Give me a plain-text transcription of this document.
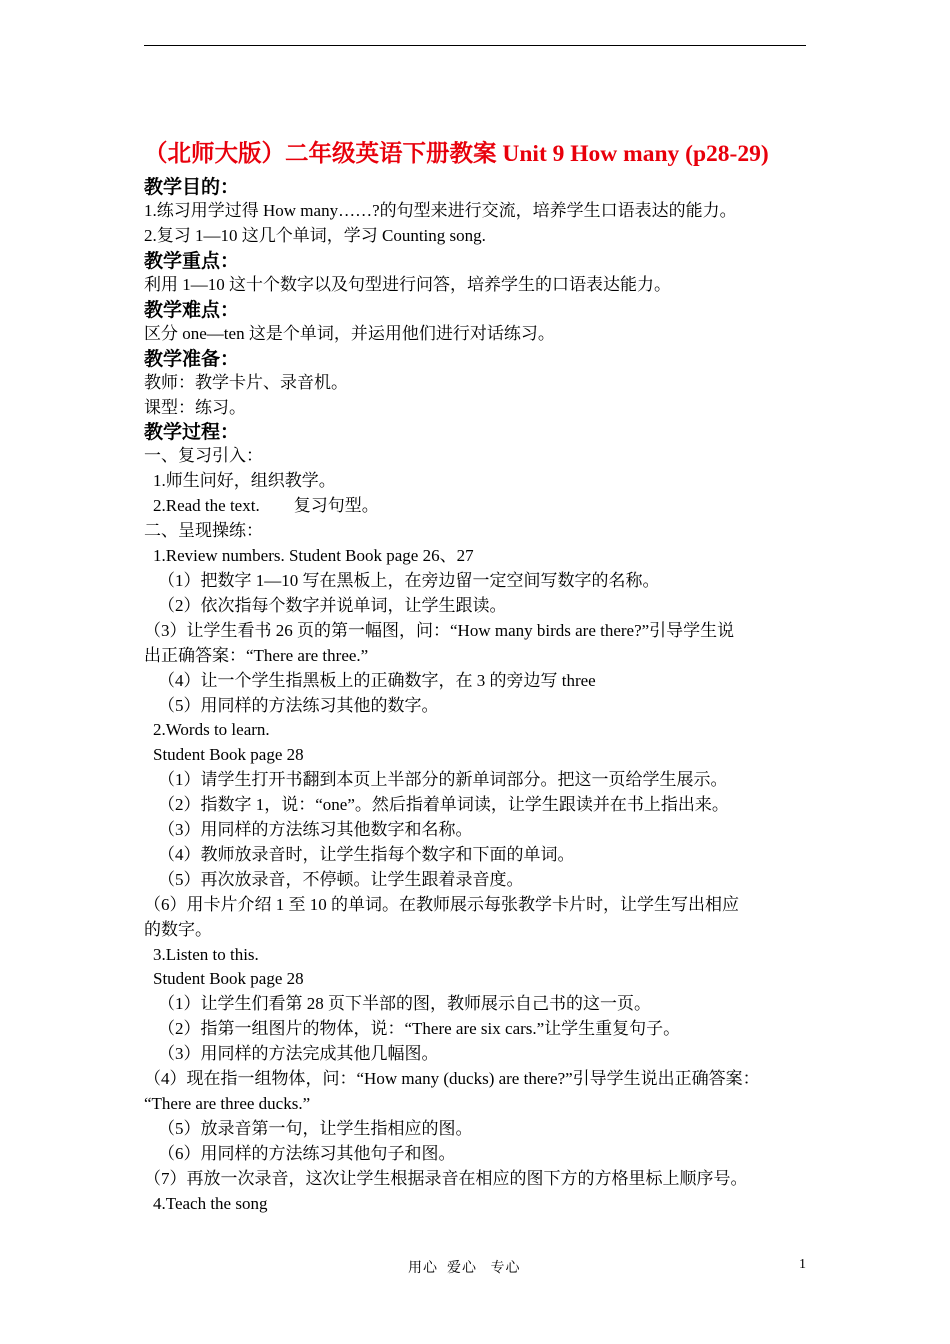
（北师大版）二年级英语下册教案 Unit 9 How many (p28-29)
教学目的：
1.练习用学过得 How many……?的句型来进行交流，培养学生口语表达的能力。
2.复习 1—10 这几个单词，学习 Counting song.
教学重点：
利用 1—10 这十个数字以及句型进行问答，培养学生的口语表达能力。
教学难点：
区分 one—ten 这是个单词，并运用他们进行对话练习。
教学准备：
教师：教学卡片、录音机。
课型：练习。
教学过程：
一、复习引入：
1.师生问好，组织教学。
2.Read the text.        复习句型。
二、呈现操练：
1.Review numbers. Student Book page 26、27
（1）把数字 1—10 写在黑板上，在旁边留一定空间写数字的名称。
（2）依次指每个数字并说单词，让学生跟读。
（3）让学生看书 26 页的第一幅图，问：“How many birds are there?”引导学生说
出正确答案：“There are three.”
（4）让一个学生指黑板上的正确数字，在 3 的旁边写 three
（5）用同样的方法练习其他的数字。
2.Words to learn.
Student Book page 28
（1）请学生打开书翻到本页上半部分的新单词部分。把这一页给学生展示。
（2）指数字 1，说：“one”。然后指着单词读，让学生跟读并在书上指出来。
（3）用同样的方法练习其他数字和名称。
（4）教师放录音时，让学生指每个数字和下面的单词。
（5）再次放录音，不停顿。让学生跟着录音度。
（6）用卡片介绍 1 至 10 的单词。在教师展示每张教学卡片时，让学生写出相应
的数字。
3.Listen to this.
Student Book page 28
（1）让学生们看第 28 页下半部的图，教师展示自己书的这一页。
（2）指第一组图片的物体，说：“There are six cars.”让学生重复句子。
（3）用同样的方法完成其他几幅图。
（4）现在指一组物体，问：“How many (ducks) are there?”引导学生说出正确答案：
“There are three ducks.”
（5）放录音第一句，让学生指相应的图。
（6）用同样的方法练习其他句子和图。
（7）再放一次录音，这次让学生根据录音在相应的图下方的方格里标上顺序号。
4.Teach the song
用心  爱心   专心	1
